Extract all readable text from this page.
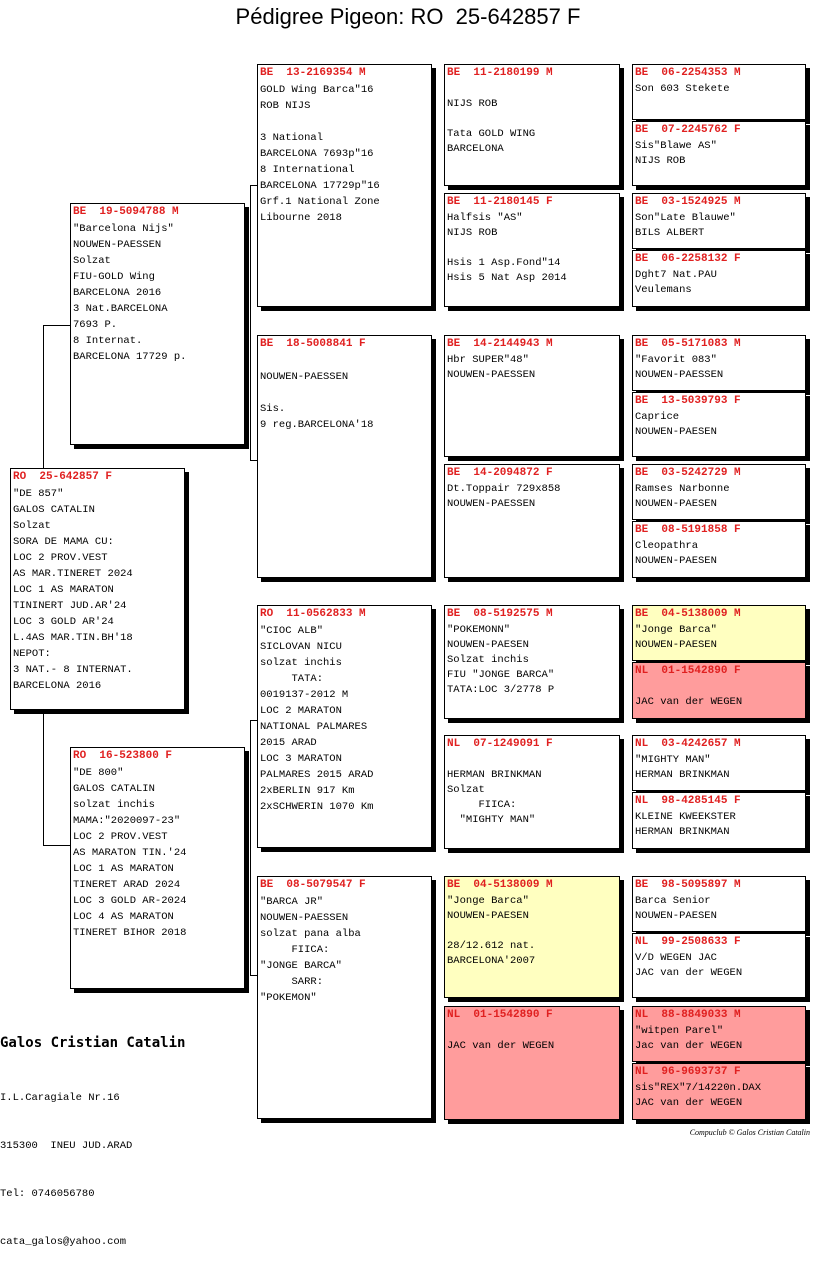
Pédigree Pigeon: RO  25-642857 F
RO  25-642857 F
"DE 857"
GALOS CATALIN
Solzat
SORA DE MAMA CU:
LOC 2 PROV.VEST
AS MAR.TINERET 2024
LOC 1 AS MARATON
TININERT JUD.AR'24
LOC 3 GOLD AR'24
L.4AS MAR.TIN.BH'18
NEPOT:
3 NAT.- 8 INTERNAT.
BARCELONA 2016
BE  19-5094788 M
"Barcelona Nijs"
NOUWEN-PAESSEN
Solzat
FIU-GOLD Wing
BARCELONA 2016
3 Nat.BARCELONA
7693 P.
8 Internat.
BARCELONA 17729 p.
RO  16-523800 F
"DE 800"
GALOS CATALIN
solzat inchis
MAMA:"2020097-23"
LOC 2 PROV.VEST
AS MARATON TIN.'24
LOC 1 AS MARATON
TINERET ARAD 2024
LOC 3 GOLD AR-2024
LOC 4 AS MARATON
TINERET BIHOR 2018
BE  13-2169354 M
GOLD Wing Barca"16
ROB NIJS

3 National
BARCELONA 7693p"16
8 International
BARCELONA 17729p"16
Grf.1 National Zone
Libourne 2018
BE  18-5008841 F

NOUWEN-PAESSEN

Sis.
9 reg.BARCELONA'18
RO  11-0562833 M
"CIOC ALB"
SICLOVAN NICU
solzat inchis
TATA:
0019137-2012 M
LOC 2 MARATON
NATIONAL PALMARES
2015 ARAD
LOC 3 MARATON
PALMARES 2015 ARAD
2xBERLIN 917 Km
2xSCHWERIN 1070 Km
BE  08-5079547 F
"BARCA JR"
NOUWEN-PAESSEN
solzat pana alba
FIICA:
"JONGE BARCA"
SARR:
"POKEMON"
BE  11-2180199 M

NIJS ROB

Tata GOLD WING
BARCELONA
BE  11-2180145 F
Halfsis "AS"
NIJS ROB

Hsis 1 Asp.Fond"14
Hsis 5 Nat Asp 2014
BE  14-2144943 M
Hbr SUPER"48"
NOUWEN-PAESSEN
BE  14-2094872 F
Dt.Toppair 729x858
NOUWEN-PAESSEN
BE  08-5192575 M
"POKEMONN"
NOUWEN-PAESEN
Solzat inchis
FIU "JONGE BARCA"
TATA:LOC 3/2778 P
NL  07-1249091 F

HERMAN BRINKMAN
Solzat
FIICA:
"MIGHTY MAN"
BE  04-5138009 M
"Jonge Barca"
NOUWEN-PAESEN

28/12.612 nat.
BARCELONA'2007
NL  01-1542890 F

JAC van der WEGEN
BE  06-2254353 M
Son 603 Stekete
BE  07-2245762 F
Sis"Blawe AS"
NIJS ROB
BE  03-1524925 M
Son"Late Blauwe"
BILS ALBERT
BE  06-2258132 F
Dght7 Nat.PAU
Veulemans
BE  05-5171083 M
"Favorit 083"
NOUWEN-PAESSEN
BE  13-5039793 F
Caprice
NOUWEN-PAESEN
BE  03-5242729 M
Ramses Narbonne
NOUWEN-PAESEN
BE  08-5191858 F
Cleopathra
NOUWEN-PAESEN
BE  04-5138009 M
"Jonge Barca"
NOUWEN-PAESEN
NL  01-1542890 F

JAC van der WEGEN
NL  03-4242657 M
"MIGHTY MAN"
HERMAN BRINKMAN
NL  98-4285145 F
KLEINE KWEEKSTER
HERMAN BRINKMAN
BE  98-5095897 M
Barca Senior
NOUWEN-PAESEN
NL  99-2508633 F
V/D WEGEN JAC
JAC van der WEGEN
NL  88-8849033 M
"witpen Parel"
Jac van der WEGEN
NL  96-9693737 F
sis"REX"7/14220n.DAX
JAC van der WEGEN
Galos Cristian Catalin

I.L.Caragiale Nr.16

315300  INEU JUD.ARAD

Tel: 0746056780

cata_galos@yahoo.com

Compuclub © Galos Cristian Catalin
